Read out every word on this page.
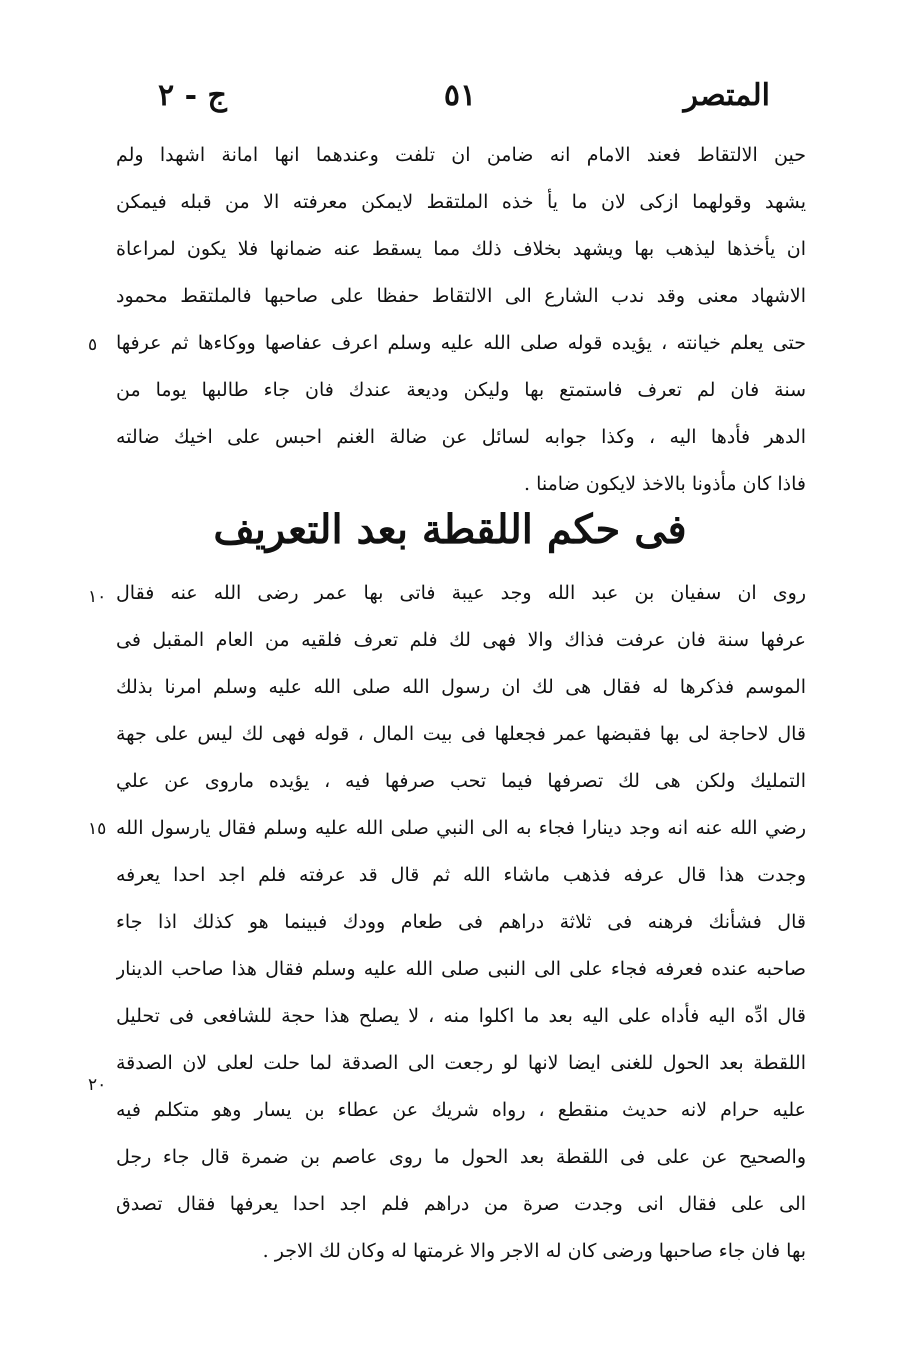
المتصر
٥١
ج - ٢
حين الالتقاط فعند الامام انه ضامن ان تلفت وعندهما انها امانة اشهدا ولم
يشهد وقولهما ازكى لان ما يأ خذه الملتقط لايمكن معرفته الا من قبله فيمكن
ان يأخذها ليذهب بها ويشهد بخلاف ذلك مما يسقط عنه ضمانها فلا يكون لمراعاة
الاشهاد معنى وقد ندب الشارع الى الالتقاط حفظا على صاحبها فالملتقط محمود
حتى يعلم خيانته ، يؤيده قوله صلى الله عليه وسلم اعرف عفاصها ووكاءها ثم عرفها
سنة فان لم تعرف فاستمتع بها وليكن وديعة عندك فان جاء طالبها يوما من
الدهر فأدها اليه ، وكذا جوابه لسائل عن ضالة الغنم احبس على اخيك ضالته
فاذا كان مأذونا بالاخذ لايكون ضامنا .
فى حكم اللقطة بعد التعريف
روى ان سفيان بن عبد الله وجد عيبة فاتى بها عمر رضى الله عنه فقال
عرفها سنة فان عرفت فذاك والا فهى لك فلم تعرف فلقيه من العام المقبل فى
الموسم فذكرها له فقال هى لك ان رسول الله صلى الله عليه وسلم امرنا بذلك
قال لاحاجة لى بها فقبضها عمر فجعلها فى بيت المال ، قوله فهى لك ليس على جهة
التمليك ولكن هى لك تصرفها فيما تحب صرفها فيه ، يؤيده ماروى عن علي
رضي الله عنه انه وجد دينارا فجاء به الى النبي صلى الله عليه وسلم فقال يارسول الله
وجدت هذا قال عرفه فذهب ماشاء الله ثم قال قد عرفته فلم اجد احدا يعرفه
قال فشأنك فرهنه فى ثلاثة دراهم فى طعام وودك فبينما هو كذلك اذا جاء
صاحبه عنده فعرفه فجاء على الى النبى صلى الله عليه وسلم فقال هذا صاحب الدينار
قال ادِّه اليه فأداه على اليه بعد ما اكلوا منه ، لا يصلح هذا حجة للشافعى فى تحليل
اللقطة بعد الحول للغنى ايضا لانها لو رجعت الى الصدقة لما حلت لعلى لان الصدقة
عليه حرام لانه حديث منقطع ، رواه شريك عن عطاء بن يسار وهو متكلم فيه
والصحيح عن على فى اللقطة بعد الحول ما روى عاصم بن ضمرة قال جاء رجل
الى على فقال انى وجدت صرة من دراهم فلم اجد احدا يعرفها فقال تصدق
بها فان جاء صاحبها ورضى كان له الاجر والا غرمتها له وكان لك الاجر .
٥
١٠
١٥
٢٠
